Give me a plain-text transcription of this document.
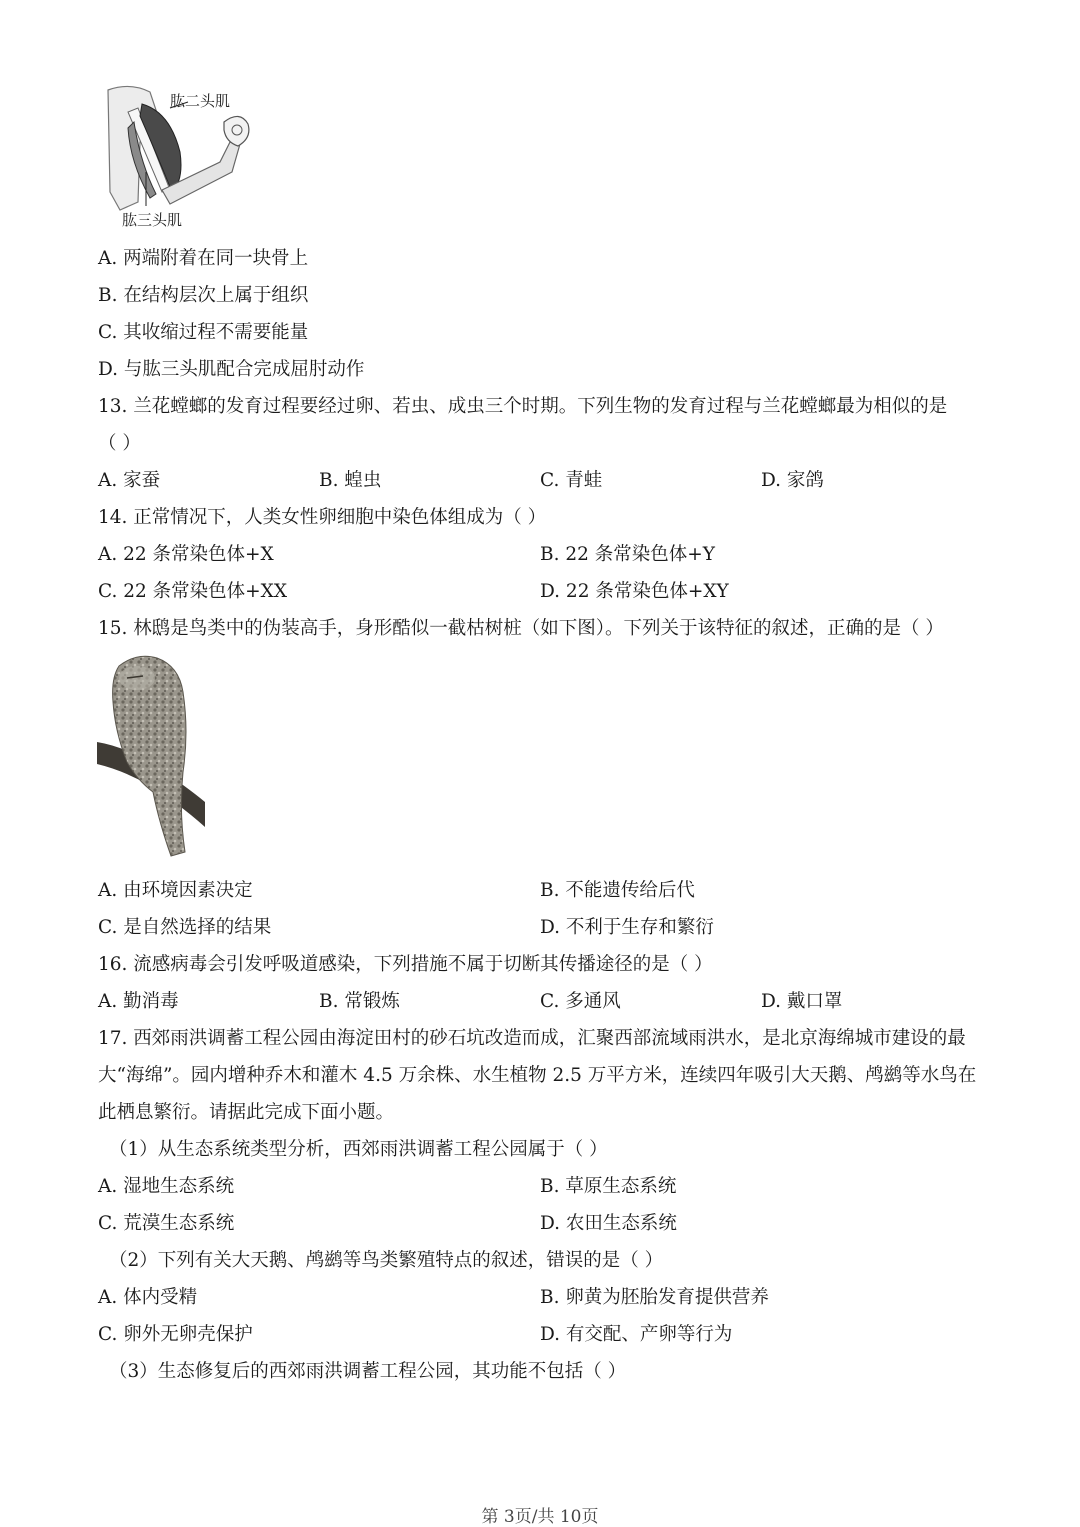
肱二头肌
肱三头肌
A. 两端附着在同一块骨上
B. 在结构层次上属于组织
C. 其收缩过程不需要能量
D. 与肱三头肌配合完成屈肘动作
13. 兰花螳螂的发育过程要经过卵、若虫、成虫三个时期。下列生物的发育过程与兰花螳螂最为相似的是
（ ）
A. 家蚕	B. 蝗虫	C. 青蛙	D. 家鸽
14. 正常情况下，人类女性卵细胞中染色体组成为（ ）
A. 22 条常染色体+X	B. 22 条常染色体+Y
C. 22 条常染色体+XX	D. 22 条常染色体+XY
15. 林鸱是鸟类中的伪装高手，身形酷似一截枯树桩（如下图）。下列关于该特征的叙述，正确的是（ ）
A. 由环境因素决定	B. 不能遗传给后代
C. 是自然选择的结果	D. 不利于生存和繁衍
16. 流感病毒会引发呼吸道感染，下列措施不属于切断其传播途径的是（ ）
A. 勤消毒	B. 常锻炼	C. 多通风	D. 戴口罩
17. 西郊雨洪调蓄工程公园由海淀田村的砂石坑改造而成，汇聚西部流域雨洪水，是北京海绵城市建设的最
大“海绵”。园内增种乔木和灌木 4.5 万余株、水生植物 2.5 万平方米，连续四年吸引大天鹅、鸬鹚等水鸟在
此栖息繁衍。请据此完成下面小题。
（1）从生态系统类型分析，西郊雨洪调蓄工程公园属于（ ）
A. 湿地生态系统	B. 草原生态系统
C. 荒漠生态系统	D. 农田生态系统
（2）下列有关大天鹅、鸬鹚等鸟类繁殖特点的叙述，错误的是（ ）
A. 体内受精	B. 卵黄为胚胎发育提供营养
C. 卵外无卵壳保护	D. 有交配、产卵等行为
（3）生态修复后的西郊雨洪调蓄工程公园，其功能不包括（ ）
第 3页/共 10页
